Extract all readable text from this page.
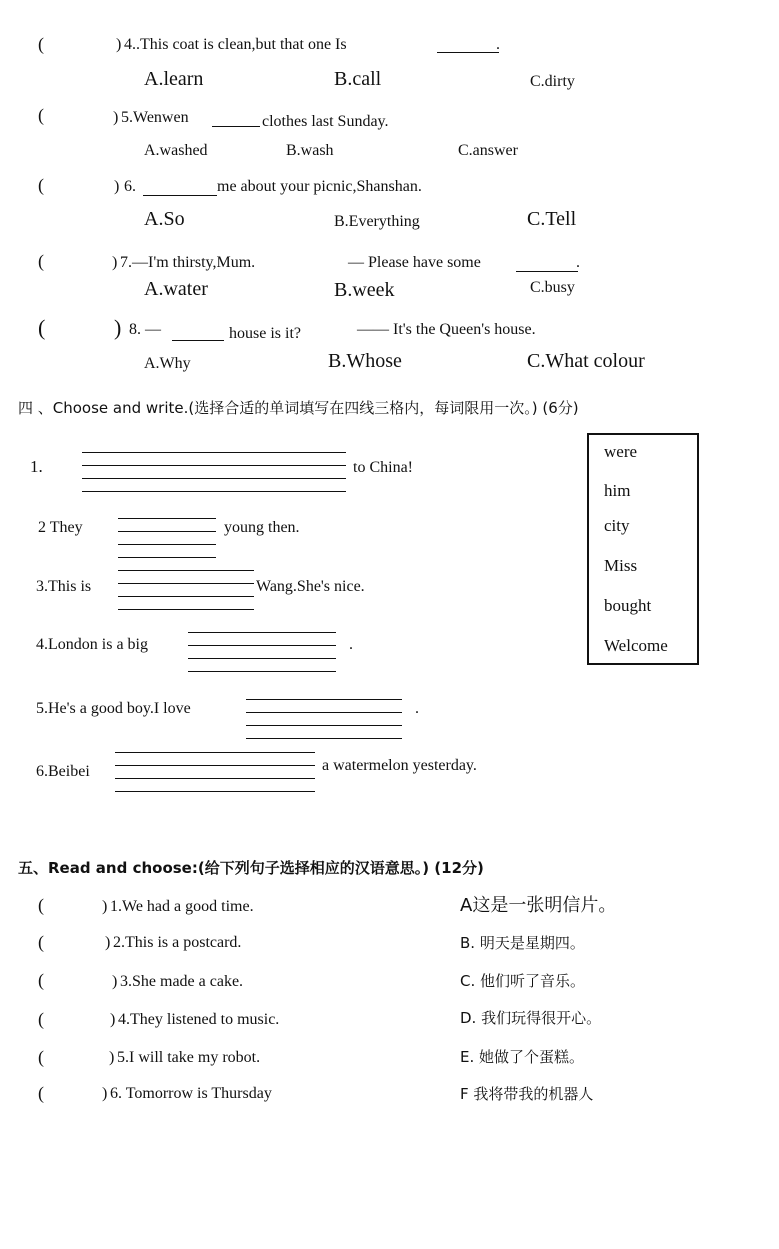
(	) 4..This coat is clean,but that one Is	.
A.learn	B.call	C.dirty
(	) 5.Wenwen	clothes last Sunday.
A.washed	B.wash	C.answer
(	) 6.	me about your picnic,Shanshan.
A.So	B.Everything	C.Tell
(	) 7.—I'm thirsty,Mum.	— Please have some	.
A.water	B.week	C.busy
(	) 8. —	house is it?	—— It's the Queen's house.
A.Why	B.Whose	C.What colour
四 、Choose and write.(选择合适的单词填写在四线三格内，每词限用一次。) (6分)
1.	to China!
2 They	young then.
3.This is	Wang.She's nice.
4.London is a big	.
5.He's a good boy.I love	.
6.Beibei	a watermelon yesterday.
were
him
city
Miss
bought
Welcome
五、Read and choose:(给下列句子选择相应的汉语意思。) (12分)
(	) 1.We had a good time.	A这是一张明信片。
(	) 2.This is a postcard.	B. 明天是星期四。
(	) 3.She made a cake.	C. 他们听了音乐。
(	) 4.They listened to music.	D. 我们玩得很开心。
(	) 5.I will take my robot.	E. 她做了个蛋糕。
(	) 6. Tomorrow is Thursday	F 我将带我的机器人
